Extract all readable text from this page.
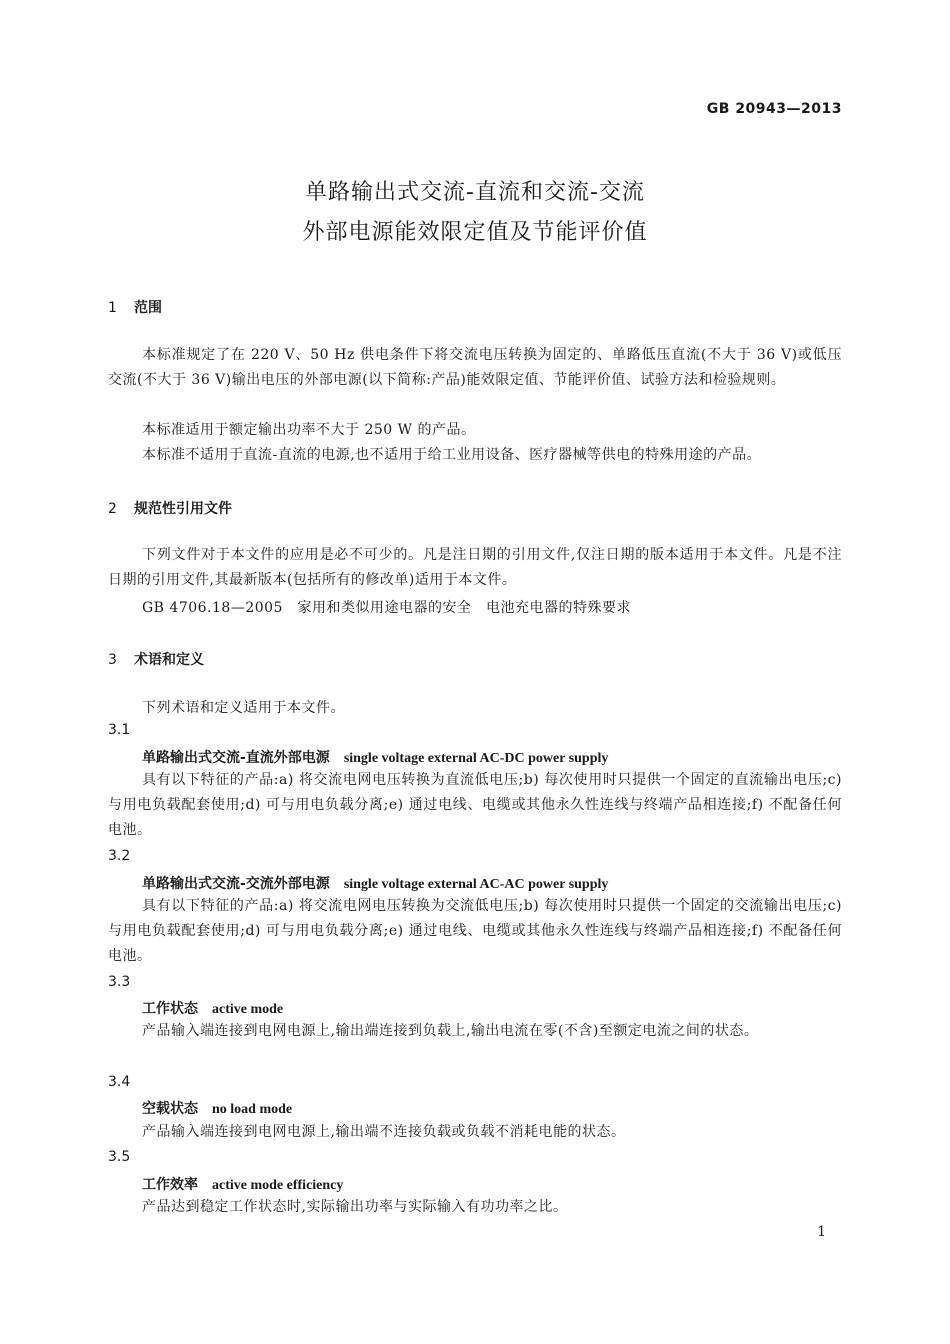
GB 20943—2013
单路输出式交流-直流和交流-交流
外部电源能效限定值及节能评价值
1 范围
本标准规定了在 220 V、50 Hz 供电条件下将交流电压转换为固定的、单路低压直流(不大于 36 V)或低压交流(不大于 36 V)输出电压的外部电源(以下简称:产品)能效限定值、节能评价值、试验方法和检验规则。
本标准适用于额定输出功率不大于 250 W 的产品。
本标准不适用于直流-直流的电源,也不适用于给工业用设备、医疗器械等供电的特殊用途的产品。
2 规范性引用文件
下列文件对于本文件的应用是必不可少的。凡是注日期的引用文件,仅注日期的版本适用于本文件。凡是不注日期的引用文件,其最新版本(包括所有的修改单)适用于本文件。
GB 4706.18—2005　家用和类似用途电器的安全　电池充电器的特殊要求
3 术语和定义
下列术语和定义适用于本文件。
3.1
单路输出式交流-直流外部电源 single voltage external AC-DC power supply
具有以下特征的产品:a) 将交流电网电压转换为直流低电压;b) 每次使用时只提供一个固定的直流输出电压;c) 与用电负载配套使用;d) 可与用电负载分离;e) 通过电线、电缆或其他永久性连线与终端产品相连接;f) 不配备任何电池。
3.2
单路输出式交流-交流外部电源 single voltage external AC-AC power supply
具有以下特征的产品:a) 将交流电网电压转换为交流低电压;b) 每次使用时只提供一个固定的交流输出电压;c) 与用电负载配套使用;d) 可与用电负载分离;e) 通过电线、电缆或其他永久性连线与终端产品相连接;f) 不配备任何电池。
3.3
工作状态 active mode
产品输入端连接到电网电源上,输出端连接到负载上,输出电流在零(不含)至额定电流之间的状态。
3.4
空载状态 no load mode
产品输入端连接到电网电源上,输出端不连接负载或负载不消耗电能的状态。
3.5
工作效率 active mode efficiency
产品达到稳定工作状态时,实际输出功率与实际输入有功功率之比。
1
